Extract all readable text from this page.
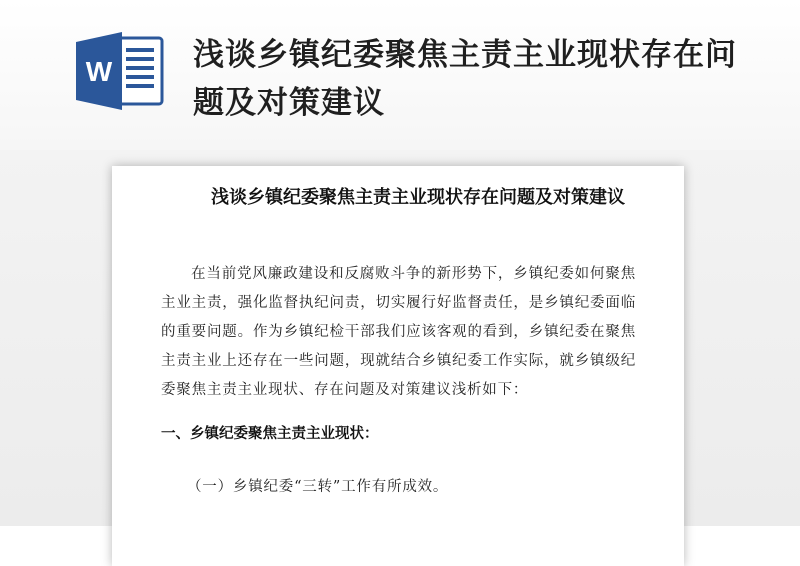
W	浅谈乡镇纪委聚焦主责主业现状存在问题及对策建议
浅谈乡镇纪委聚焦主责主业现状存在问题及对策建议

在当前党风廉政建设和反腐败斗争的新形势下，乡镇纪委如何聚焦主业主责，强化监督执纪问责，切实履行好监督责任，是乡镇纪委面临的重要问题。作为乡镇纪检干部我们应该客观的看到，乡镇纪委在聚焦主责主业上还存在一些问题，现就结合乡镇纪委工作实际，就乡镇级纪委聚焦主责主业现状、存在问题及对策建议浅析如下：

一、乡镇纪委聚焦主责主业现状：

（一）乡镇纪委“三转”工作有所成效。
